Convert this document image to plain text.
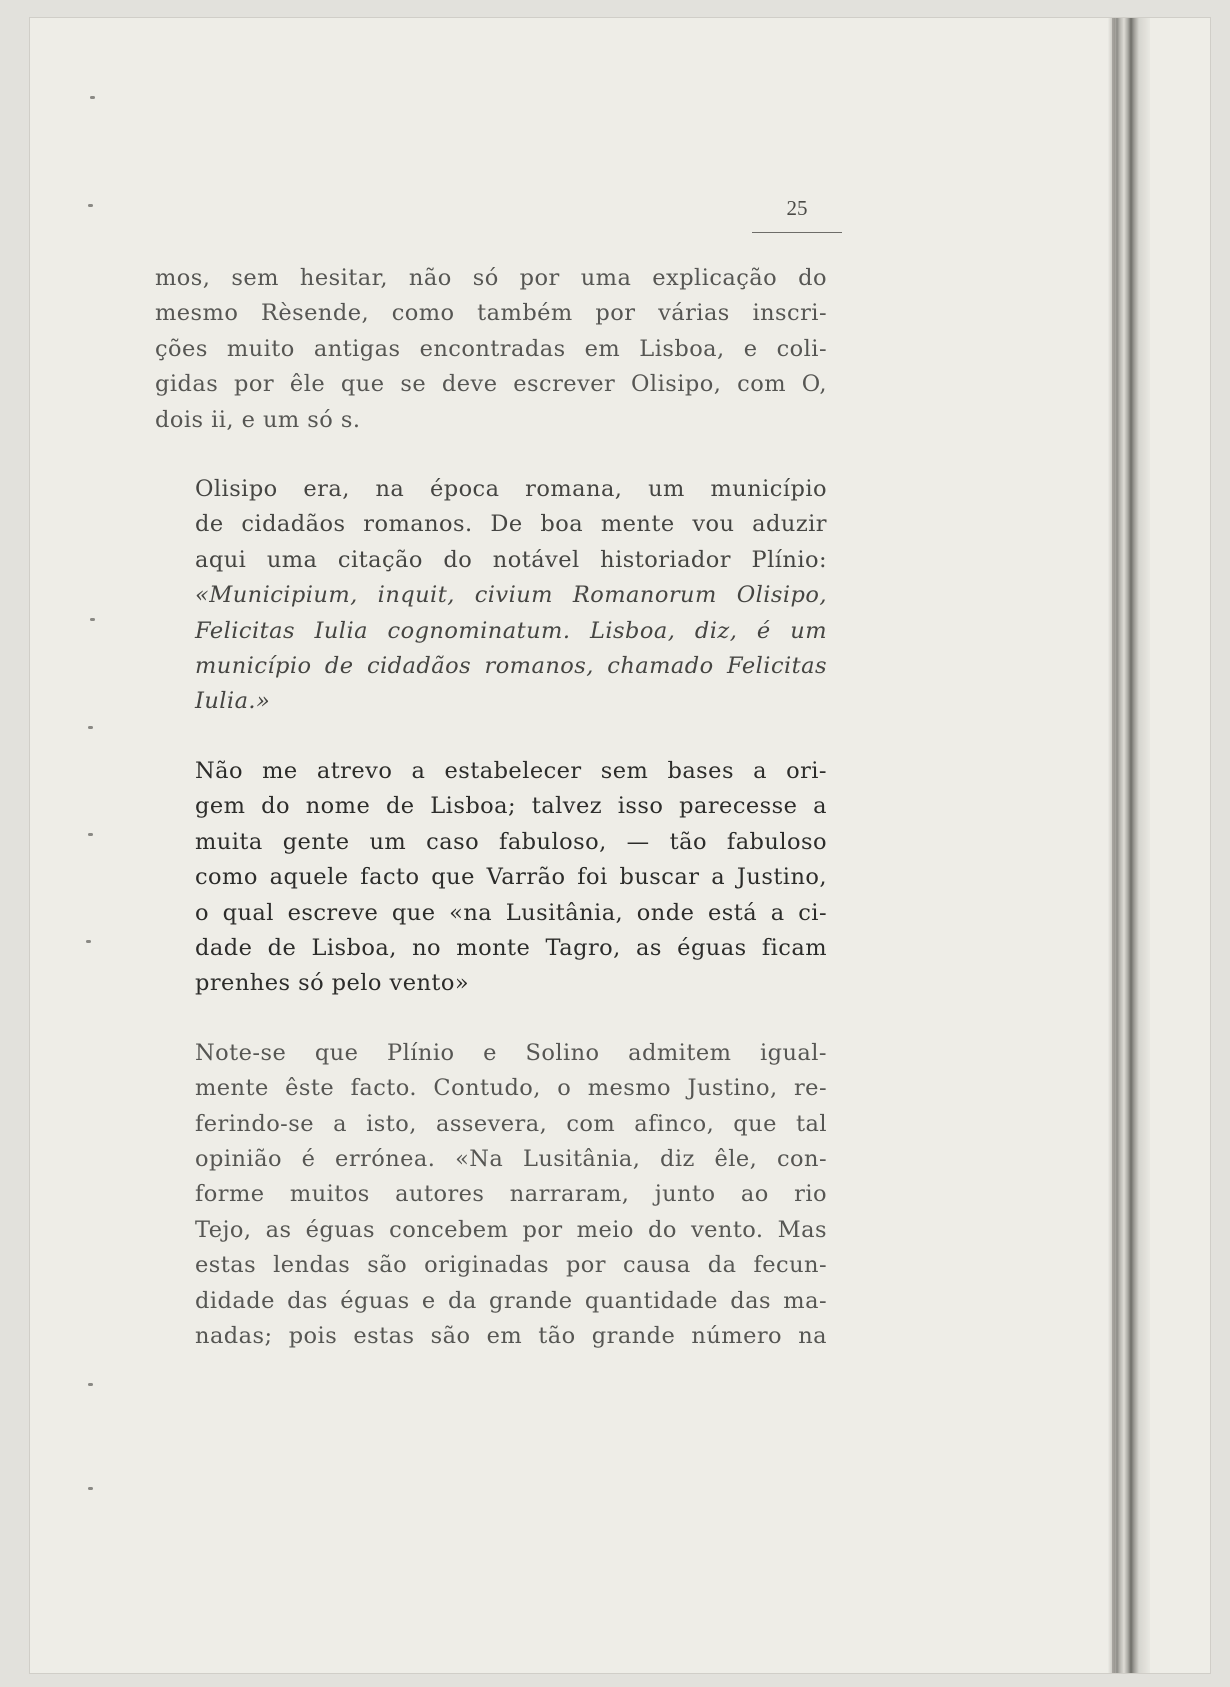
25

mos, sem hesitar, não só por uma explicação do
mesmo Rèsende, como também por várias inscri-
ções muito antigas encontradas em Lisboa, e coli-
gidas por êle que se deve escrever Olisipo, com O,
dois ii, e um só s.

Olisipo era, na época romana, um município
de cidadãos romanos. De boa mente vou aduzir
aqui uma citação do notável historiador Plínio:
«Municipium, inquit, civium Romanorum Olisipo,
Felicitas Iulia cognominatum. Lisboa, diz, é um
município de cidadãos romanos, chamado Felicitas
Iulia.»

Não me atrevo a estabelecer sem bases a ori-
gem do nome de Lisboa; talvez isso parecesse a
muita gente um caso fabuloso, — tão fabuloso
como aquele facto que Varrão foi buscar a Justino,
o qual escreve que «na Lusitânia, onde está a ci-
dade de Lisboa, no monte Tagro, as éguas ficam
prenhes só pelo vento»

Note-se que Plínio e Solino admitem igual-
mente êste facto. Contudo, o mesmo Justino, re-
ferindo-se a isto, assevera, com afinco, que tal
opinião é errónea. «Na Lusitânia, diz êle, con-
forme muitos autores narraram, junto ao rio
Tejo, as éguas concebem por meio do vento. Mas
estas lendas são originadas por causa da fecun-
didade das éguas e da grande quantidade das ma-
nadas; pois estas são em tão grande número na
